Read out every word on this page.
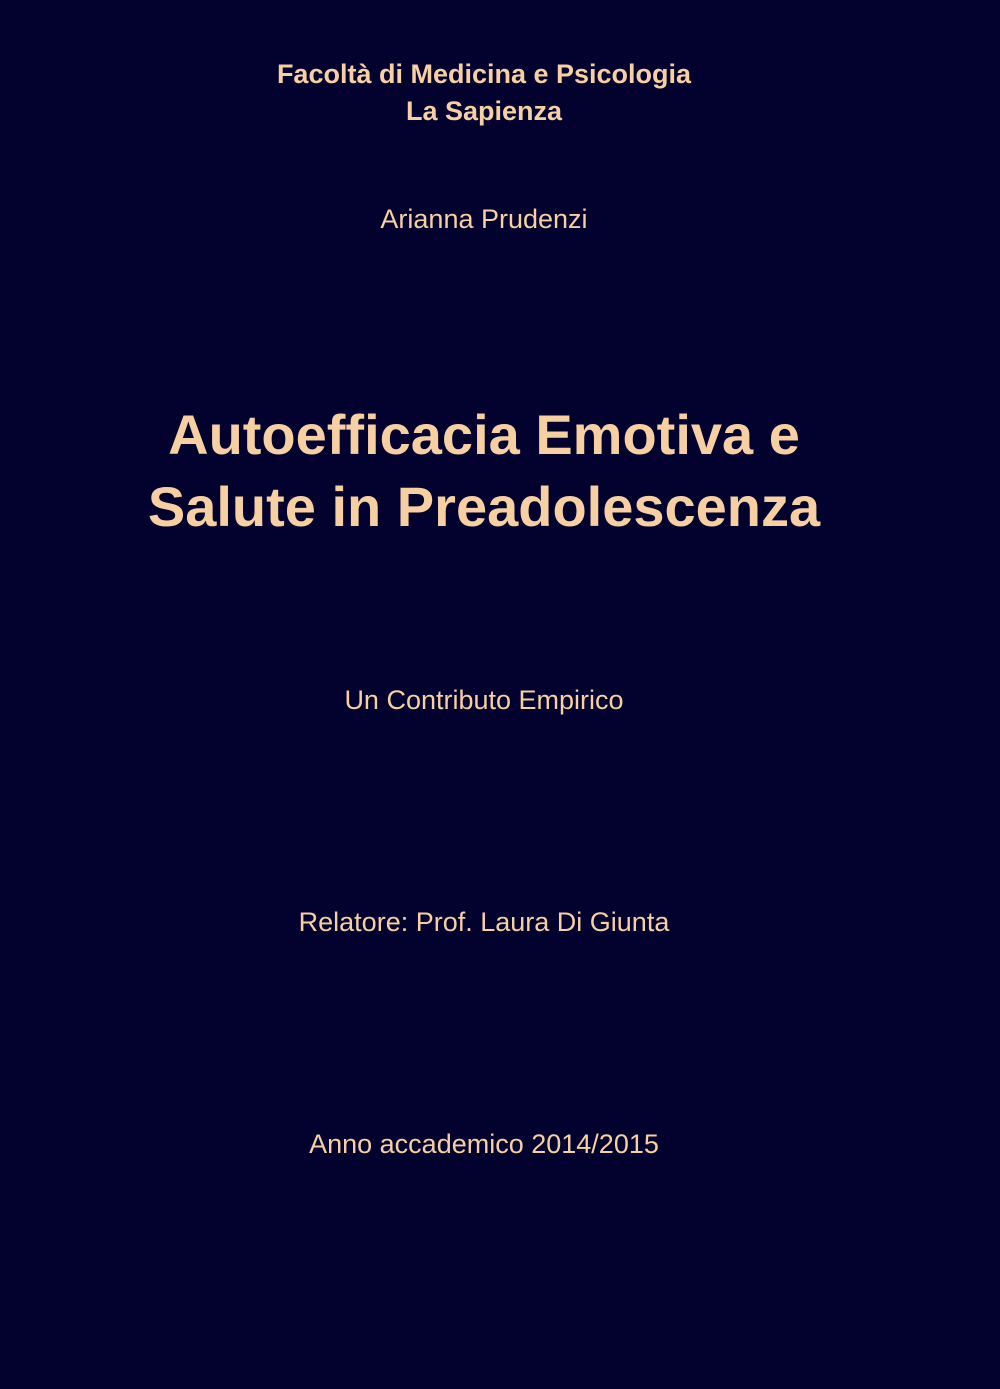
Facoltà di Medicina e Psicologia
La Sapienza
Arianna Prudenzi
Autoefficacia Emotiva e
Salute in Preadolescenza
Un Contributo Empirico
Relatore: Prof. Laura Di Giunta
Anno accademico 2014/2015
